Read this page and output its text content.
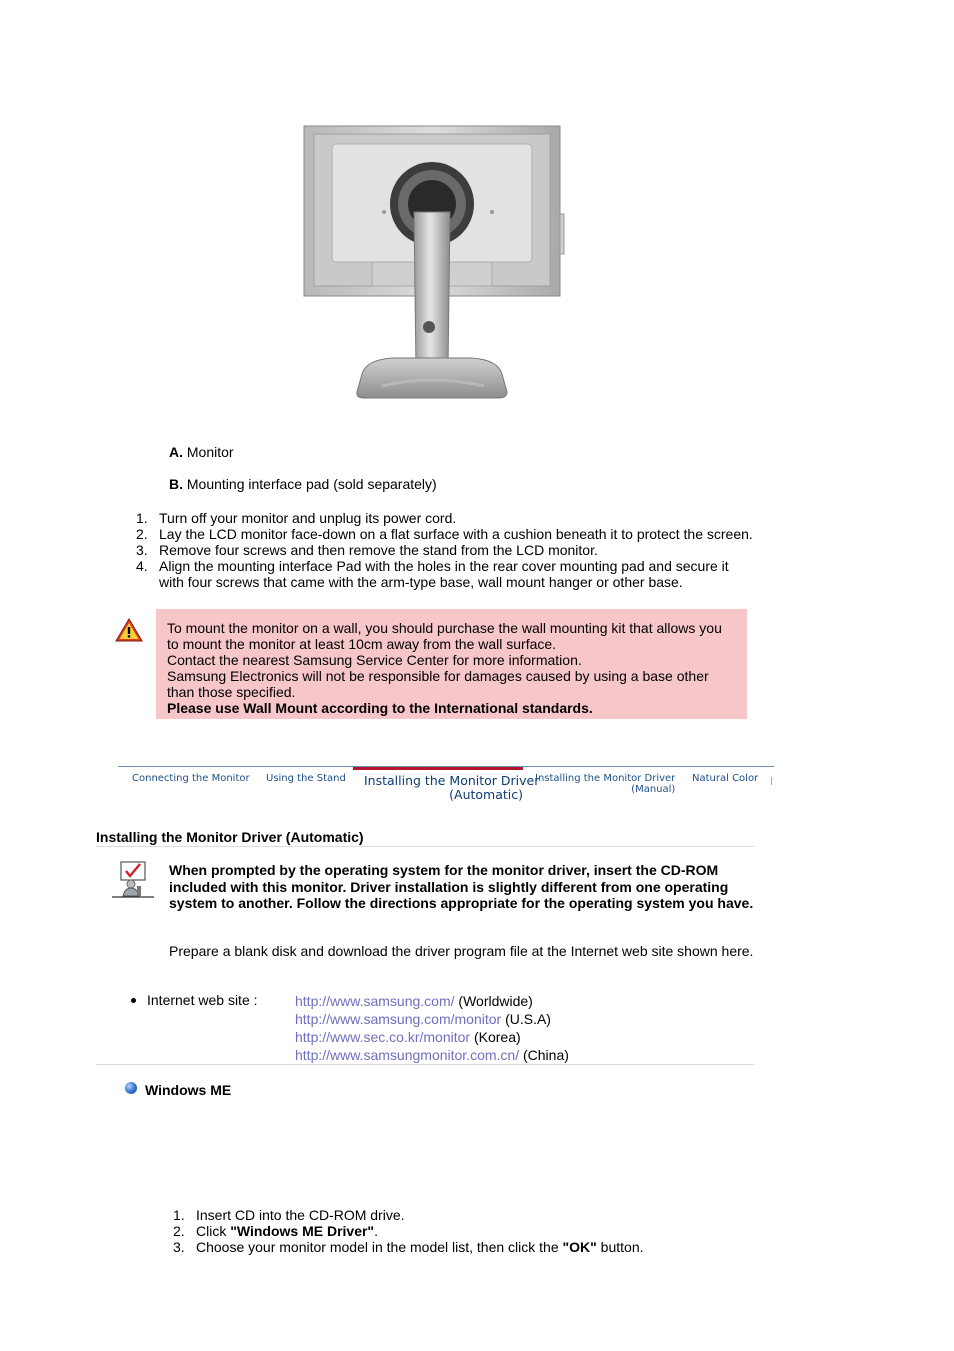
A. Monitor
B. Mounting interface pad (sold separately)
1. Turn off your monitor and unplug its power cord.
2. Lay the LCD monitor face-down on a flat surface with a cushion beneath it to protect the screen.
3. Remove four screws and then remove the stand from the LCD monitor.
4. Align the mounting interface Pad with the holes in the rear cover mounting pad and secure it with four screws that came with the arm-type base, wall mount hanger or other base.

To mount the monitor on a wall, you should purchase the wall mounting kit that allows you to mount the monitor at least 10cm away from the wall surface.

Contact the nearest Samsung Service Center for more information.

Samsung Electronics will not be responsible for damages caused by using a base other than those specified.

Please use Wall Mount according to the International standards.

Connecting the Monitor Using the Stand	Installing the Monitor Driver
(Automatic)
Installing the Monitor Driver
(Manual)
Natural Color
Installing the Monitor Driver (Automatic)
When prompted by the operating system for the monitor driver, insert the CD-ROM included with this monitor. Driver installation is slightly different from one operating system to another. Follow the directions appropriate for the operating system you have.
Prepare a blank disk and download the driver program file at the Internet web site shown here.
Internet web site :	http://www.samsung.com/ (Worldwide)
http://www.samsung.com/monitor (U.S.A)
http://www.sec.co.kr/monitor (Korea)
http://www.samsungmonitor.com.cn/ (China)
Windows ME
1. Insert CD into the CD-ROM drive.
2. Click "Windows ME Driver".
3. Choose your monitor model in the model list, then click the "OK" button.
